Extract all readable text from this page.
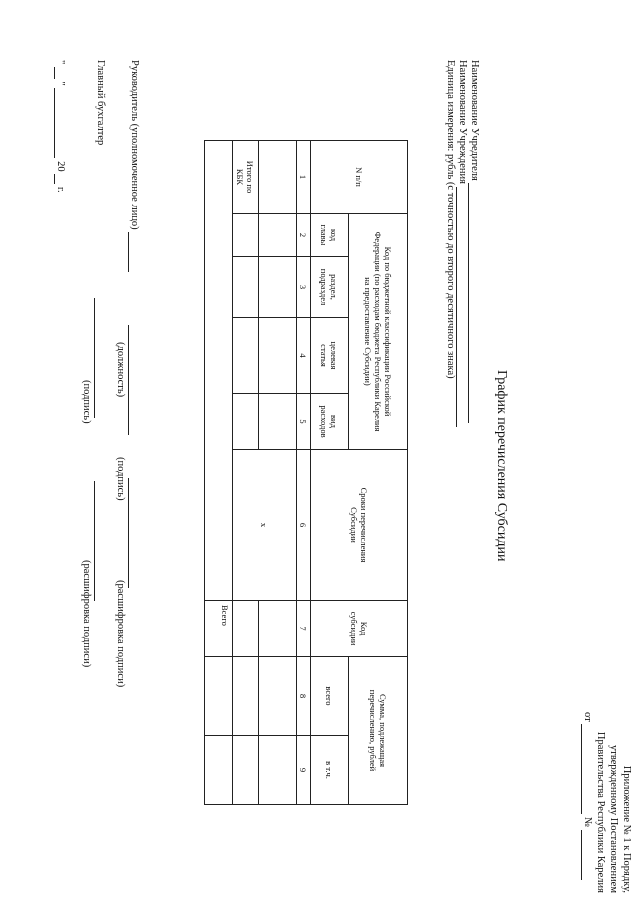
Приложение № 1 к Порядку,
утвержденному Постановлением
Правительства Республики Карелия
от  №
График перечисления Субсидии
Наименование Учредителя
Наименование Учреждения
Единица измерения: рубль (с точностью до второго десятичного знака)
N п/п	Код по бюджетной классификации Российской Федерации (по расходам бюджета Республики Карелия на предоставление Субсидии)				Сроки перечисления Субсидии	Код субсидии	Сумма, подлежащая перечислению, рублей	

	код главы	раздел, подраздел	целевая статья	вид расходов			всего	в т.ч.
1	2	3	4	5	6	7	8	9
					x			

Итого по КБК								

						Всего		
Руководитель (уполномоченное лицо)
(должность)
(подпись)
(расшифровка подписи)
Главный бухгалтер
(подпись)
(расшифровка подписи)
"  "  20  г.
